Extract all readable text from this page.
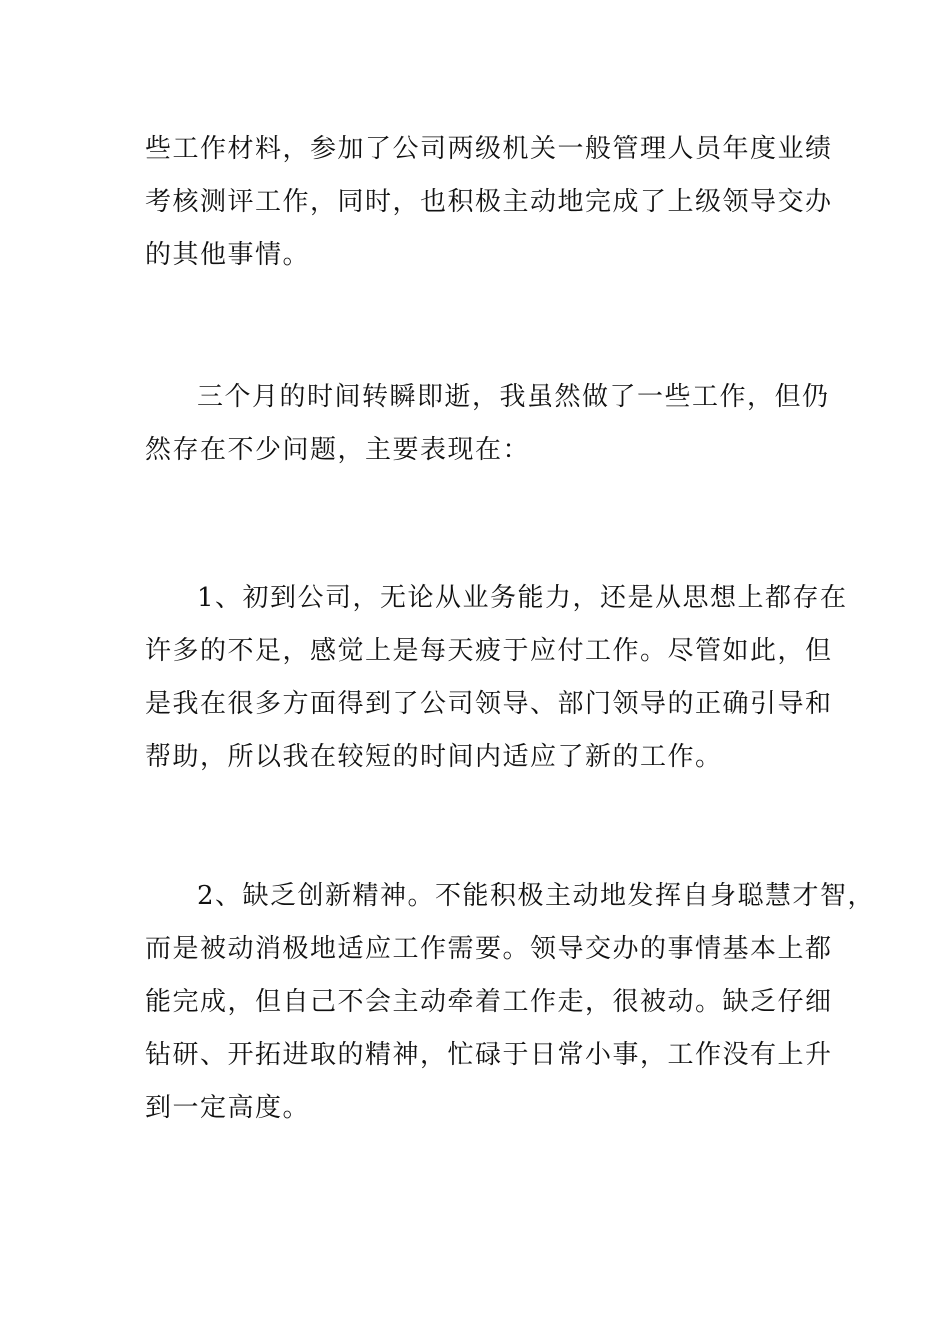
些工作材料，参加了公司两级机关一般管理人员年度业绩
考核测评工作，同时，也积极主动地完成了上级领导交办
的其他事情。
三个月的时间转瞬即逝，我虽然做了一些工作，但仍
然存在不少问题，主要表现在：
1、初到公司，无论从业务能力，还是从思想上都存在
许多的不足，感觉上是每天疲于应付工作。尽管如此，但
是我在很多方面得到了公司领导、部门领导的正确引导和
帮助，所以我在较短的时间内适应了新的工作。
2、缺乏创新精神。不能积极主动地发挥自身聪慧才智，
而是被动消极地适应工作需要。领导交办的事情基本上都
能完成，但自己不会主动牵着工作走，很被动。缺乏仔细
钻研、开拓进取的精神，忙碌于日常小事，工作没有上升
到一定高度。
